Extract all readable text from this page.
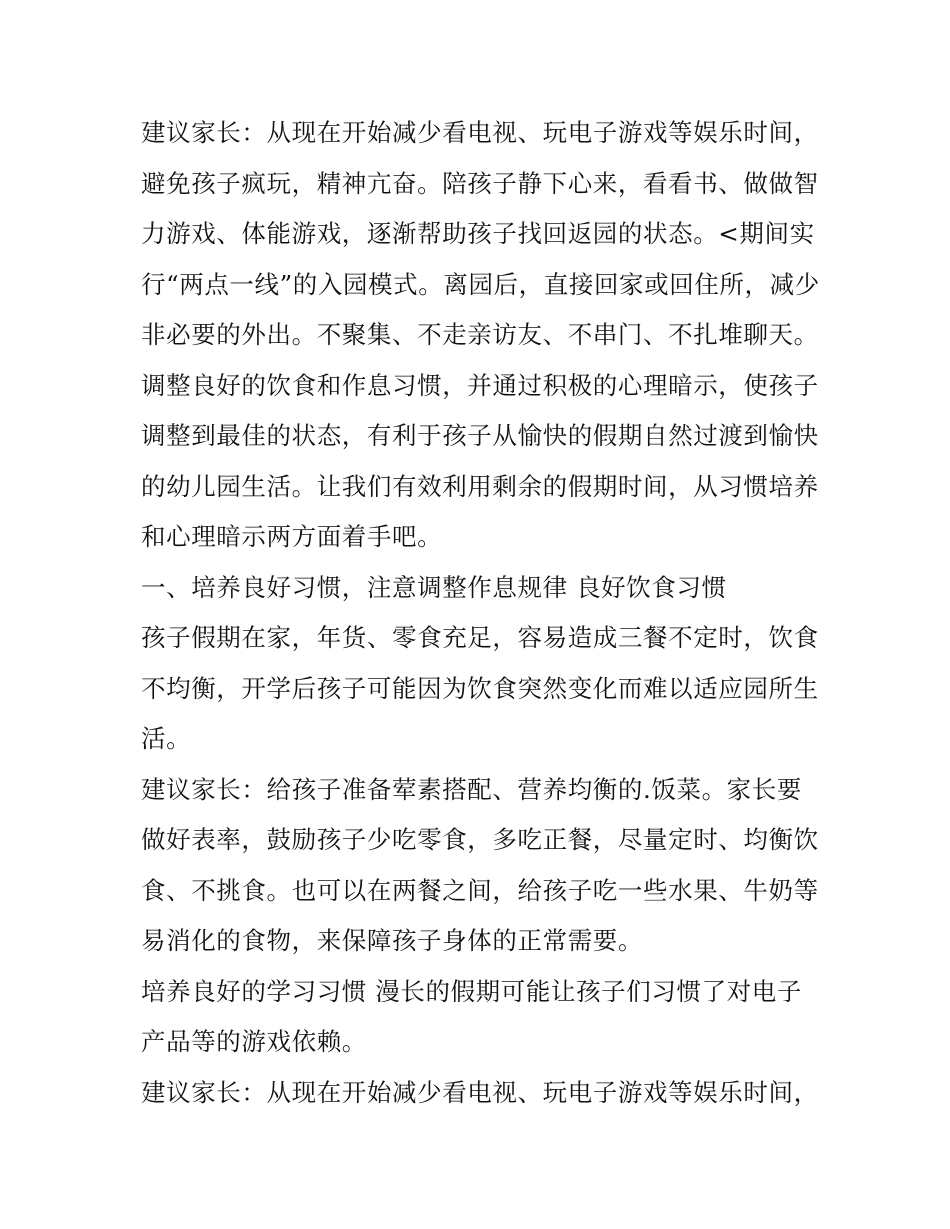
建议家长：从现在开始减少看电视、玩电子游戏等娱乐时间，避免孩子疯玩，精神亢奋。陪孩子静下心来，看看书、做做智力游戏、体能游戏，逐渐帮助孩子找回返园的状态。<期间实行“两点一线”的入园模式。离园后，直接回家或回住所，减少非必要的外出。不聚集、不走亲访友、不串门、不扎堆聊天。调整良好的饮食和作息习惯，并通过积极的心理暗示，使孩子调整到最佳的状态，有利于孩子从愉快的假期自然过渡到愉快的幼儿园生活。让我们有效利用剩余的假期时间，从习惯培养和心理暗示两方面着手吧。

一、培养良好习惯，注意调整作息规律 良好饮食习惯

孩子假期在家，年货、零食充足，容易造成三餐不定时，饮食不均衡，开学后孩子可能因为饮食突然变化而难以适应园所生活。

建议家长：给孩子准备荤素搭配、营养均衡的.饭菜。家长要做好表率，鼓励孩子少吃零食，多吃正餐，尽量定时、均衡饮食、不挑食。也可以在两餐之间，给孩子吃一些水果、牛奶等易消化的食物，来保障孩子身体的正常需要。

培养良好的学习习惯 漫长的假期可能让孩子们习惯了对电子产品等的游戏依赖。

建议家长：从现在开始减少看电视、玩电子游戏等娱乐时间，
